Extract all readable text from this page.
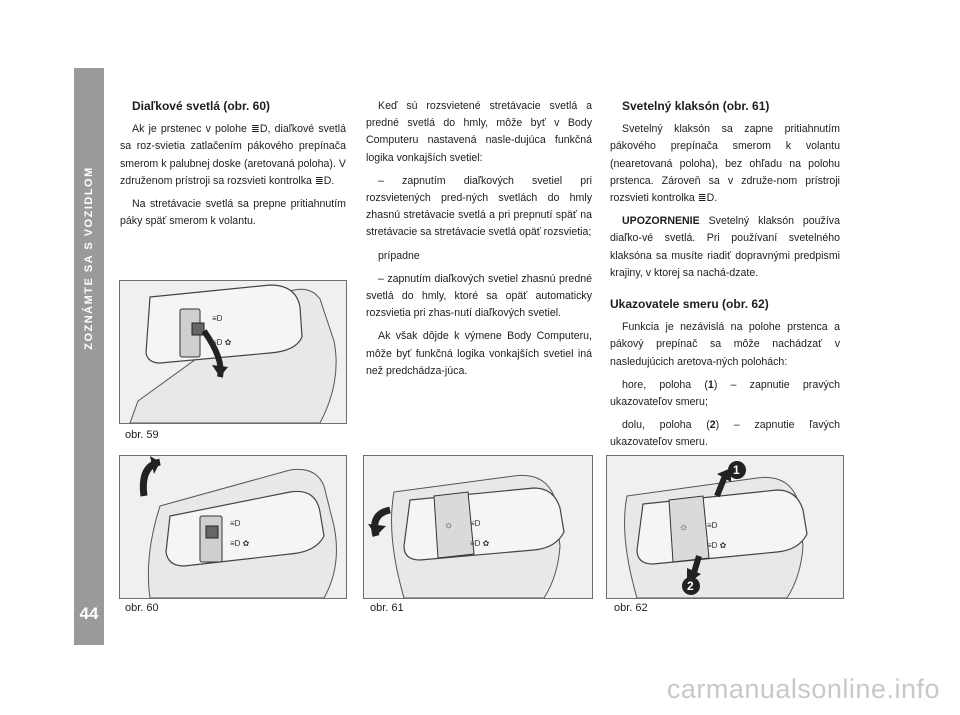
ZOZNÁMTE SA S VOZIDLOM
44
Diaľkové svetlá (obr. 60)

Ak je prstenec v polohe ≣D, diaľkové svetlá sa roz-svietia zatlačením pákového prepínača smerom k palubnej doske (aretovaná poloha). V združenom prístroji sa rozsvieti kontrolka ≣D.

Na stretávacie svetlá sa prepne pritiahnutím páky späť smerom k volantu.

Keď sú rozsvietené stretávacie svetlá a predné svetlá do hmly, môže byť v Body Computeru nastavená nasle-dujúca funkčná logika vonkajších svetiel:

– zapnutím diaľkových svetiel pri rozsvietených pred-ných svetlách do hmly zhasnú stretávacie svetlá a pri prepnutí späť na stretávacie sa stretávacie svetlá opäť rozsvietia;

prípadne

– zapnutím diaľkových svetiel zhasnú predné svetlá do hmly, ktoré sa opäť automaticky rozsvietia pri zhas-nutí diaľkových svetiel.

Ak však dôjde k výmene Body Computeru, môže byť funkčná logika vonkajších svetiel iná než predchádza-júca.

Svetelný klaksón (obr. 61)

Svetelný klaksón sa zapne pritiahnutím pákového prepínača smerom k volantu (nearetovaná poloha), bez ohľadu na polohu prstenca. Zároveň sa v združe-nom prístroji rozsvieti kontrolka ≣D.

UPOZORNENIE Svetelný klaksón používa diaľko-vé svetlá. Pri používaní svetelného klaksóna sa musíte riadiť dopravnými predpismi krajiny, v ktorej sa nachá-dzate.

Ukazovatele smeru (obr. 62)

Funkcia je nezávislá na polohe prstenca a pákový prepínač sa môže nachádzať v nasledujúcich aretova-ných polohách:

hore, poloha (1) – zapnutie pravých ukazovateľov smeru;

dolu, poloha (2) – zapnutie ľavých ukazovateľov smeru.

≡D
≡D ✿
obr. 59
≡D
≡D ✿
obr. 60
☼ ≡D
≡D ✿
obr. 61
☼ ≡D
≡D ✿
1
2
obr. 62
carmanualsonline.info
